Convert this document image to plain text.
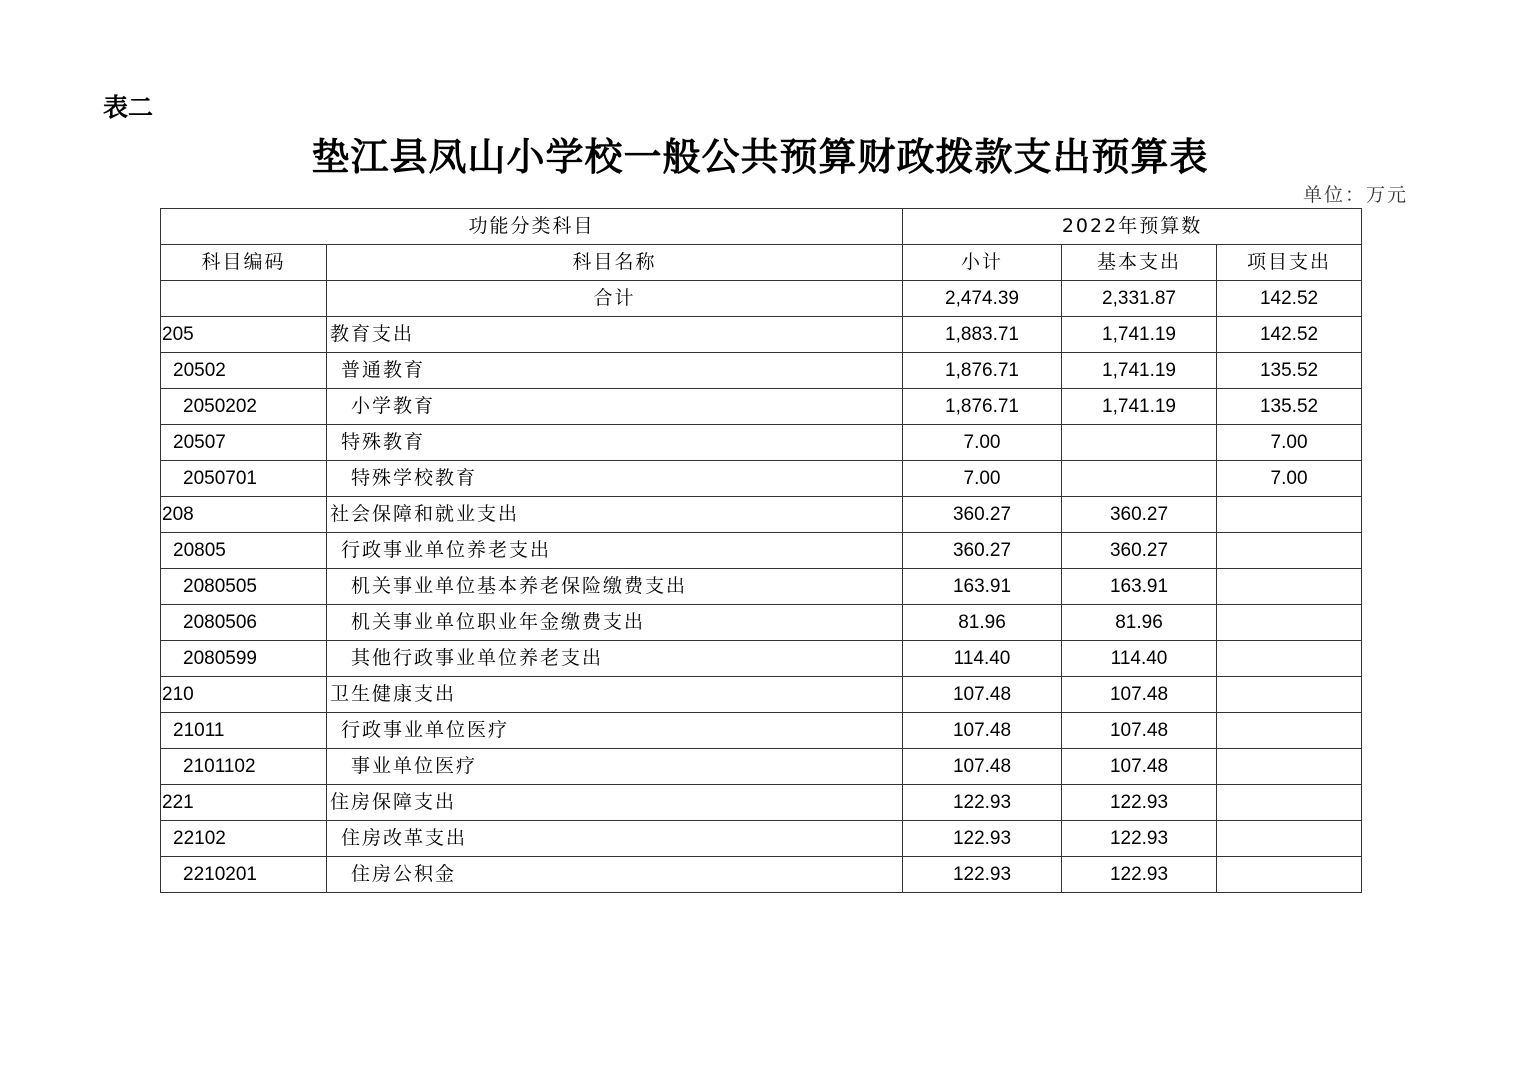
表二
垫江县凤山小学校一般公共预算财政拨款支出预算表
单位：万元
功能分类科目		2022年预算数		
科目编码	科目名称	小计	基本支出	项目支出
	合计	2,474.39	2,331.87	142.52
205	教育支出	1,883.71	1,741.19	142.52
20502	普通教育	1,876.71	1,741.19	135.52
2050202	小学教育	1,876.71	1,741.19	135.52
20507	特殊教育	7.00		7.00
2050701	特殊学校教育	7.00		7.00
208	社会保障和就业支出	360.27	360.27	
20805	行政事业单位养老支出	360.27	360.27	
2080505	机关事业单位基本养老保险缴费支出	163.91	163.91	
2080506	机关事业单位职业年金缴费支出	81.96	81.96	
2080599	其他行政事业单位养老支出	114.40	114.40	
210	卫生健康支出	107.48	107.48	
21011	行政事业单位医疗	107.48	107.48	
2101102	事业单位医疗	107.48	107.48	
221	住房保障支出	122.93	122.93	
22102	住房改革支出	122.93	122.93	
2210201	住房公积金	122.93	122.93	
